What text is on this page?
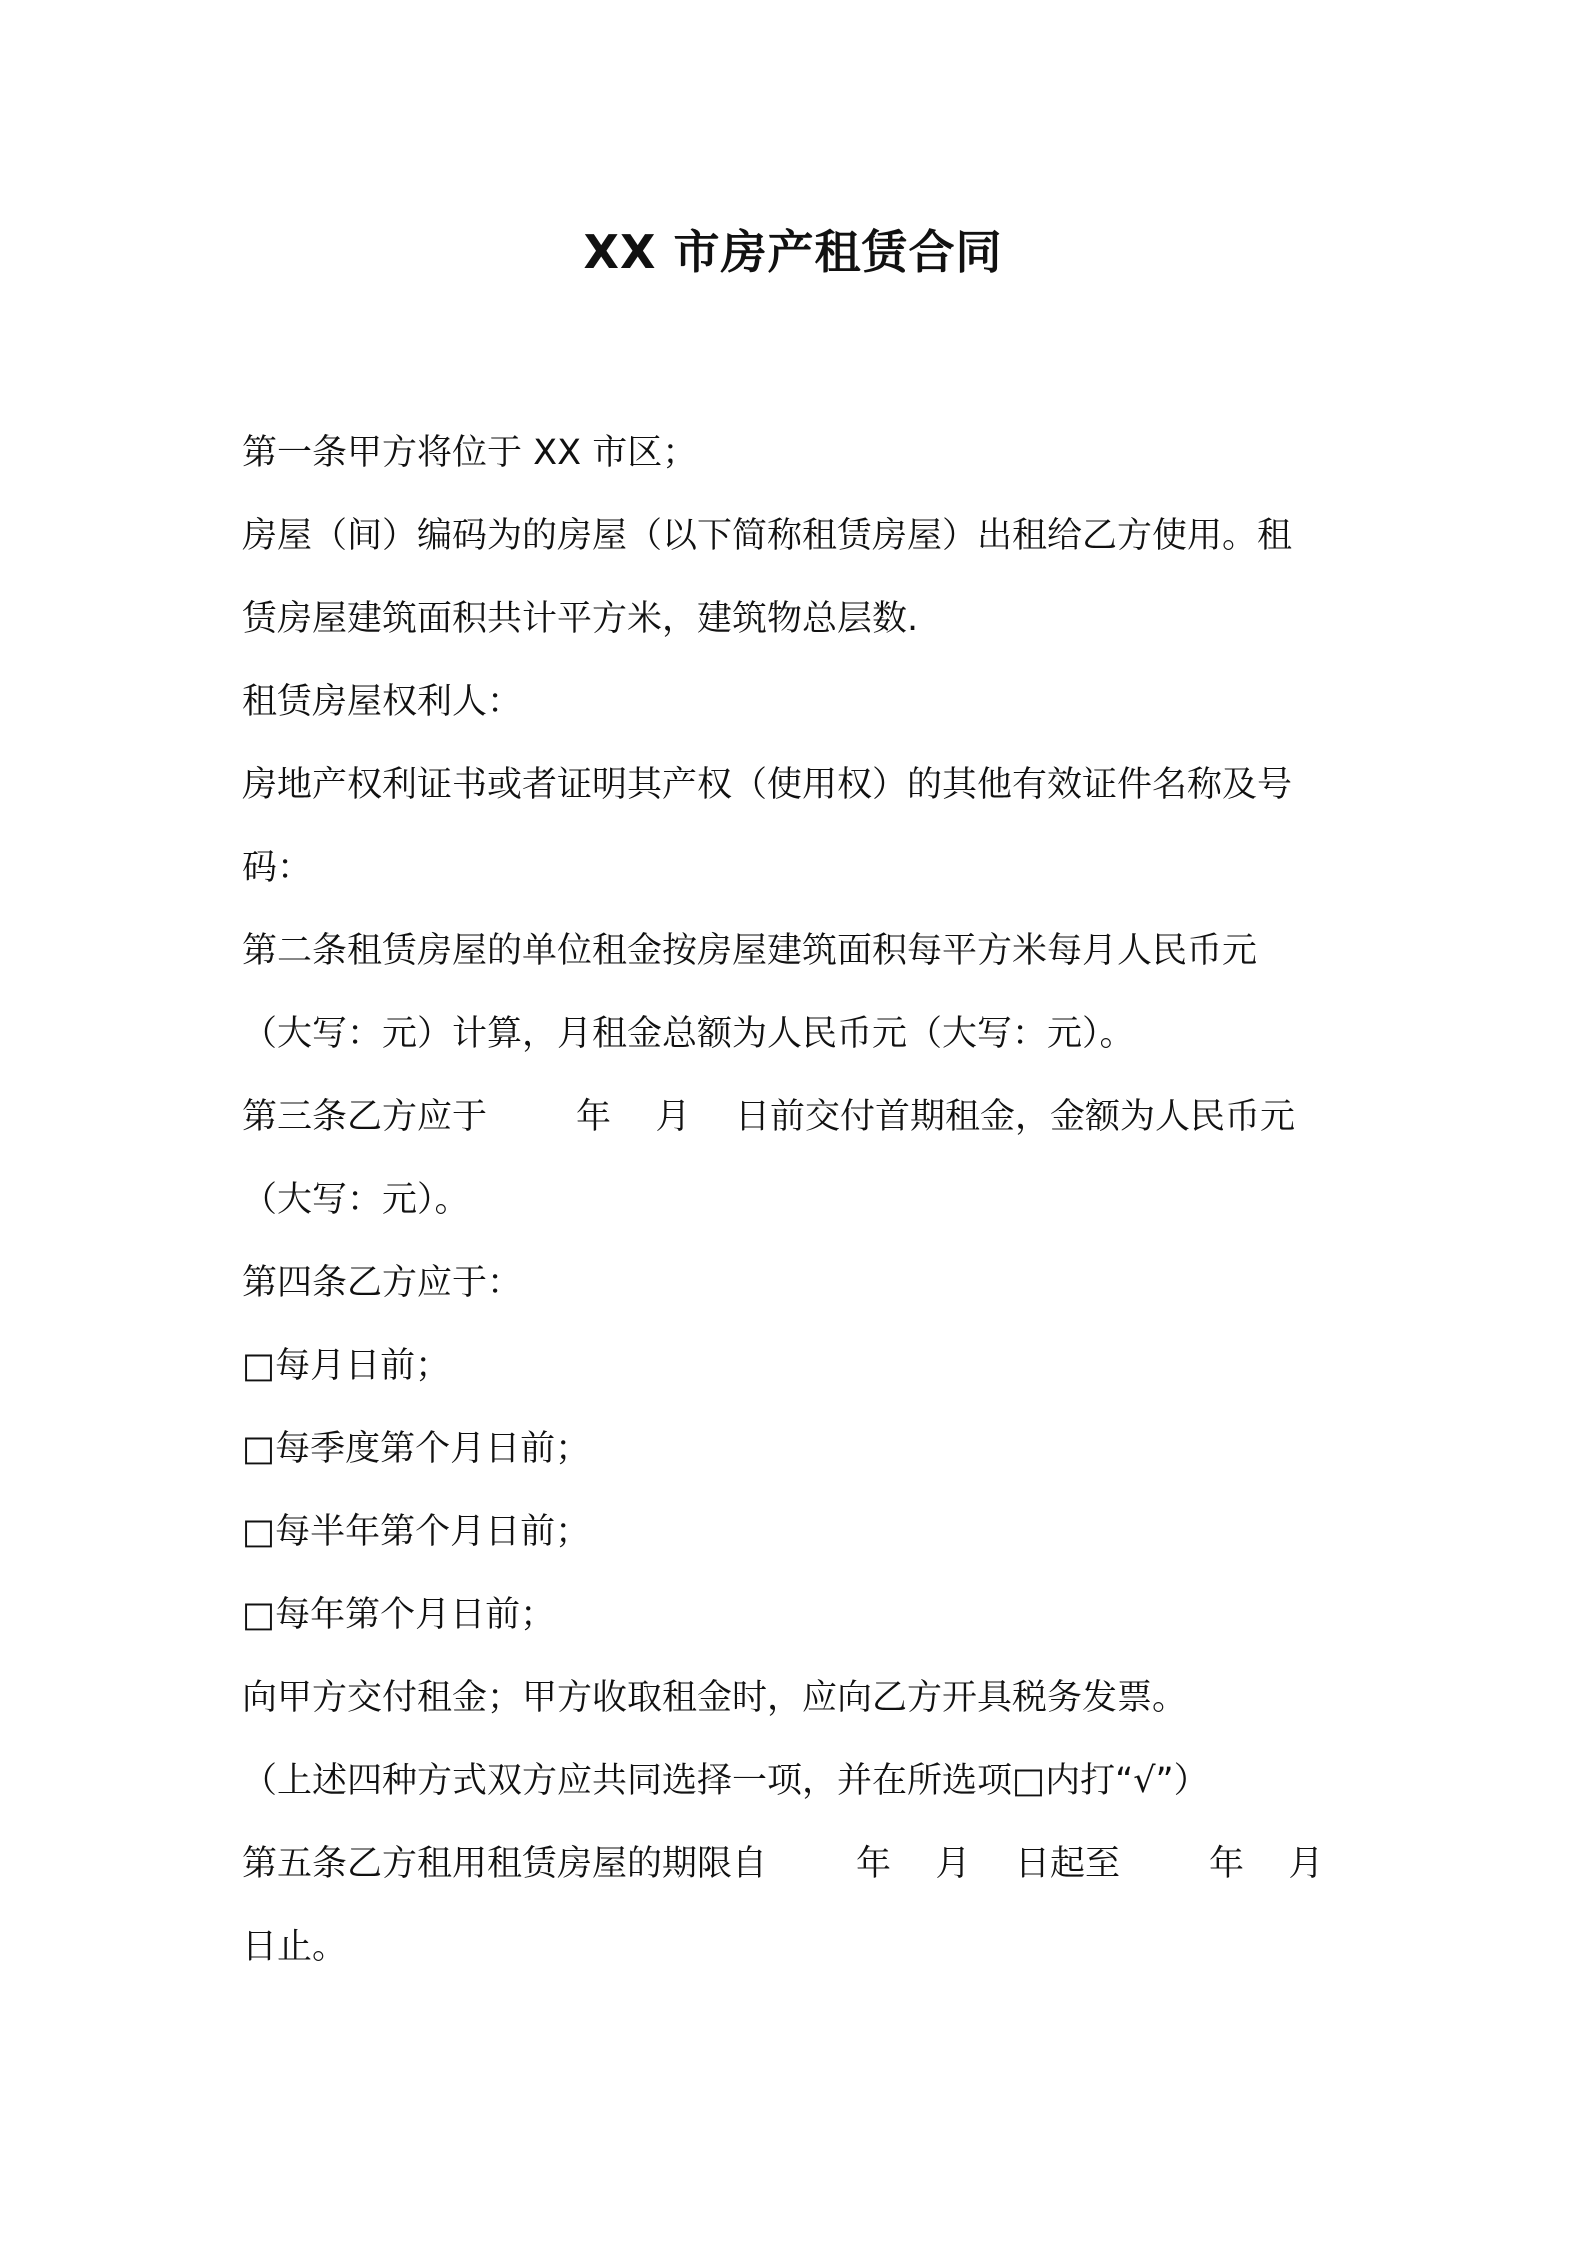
XX 市房产租赁合同
第一条甲方将位于 XX 市区；
房屋（间）编码为的房屋（以下简称租赁房屋）出租给乙方使用。租
赁房屋建筑面积共计平方米，建筑物总层数.
租赁房屋权利人：
房地产权利证书或者证明其产权（使用权）的其他有效证件名称及号
码：
第二条租赁房屋的单位租金按房屋建筑面积每平方米每月人民币元
（大写：元）计算，月租金总额为人民币元（大写：元）。
第三条乙方应于        年    月    日前交付首期租金，金额为人民币元
（大写：元）。
第四条乙方应于：
□每月日前；
□每季度第个月日前；
□每半年第个月日前；
□每年第个月日前；
向甲方交付租金；甲方收取租金时，应向乙方开具税务发票。
（上述四种方式双方应共同选择一项，并在所选项□内打“√”）
第五条乙方租用租赁房屋的期限自        年    月    日起至        年    月
日止。
